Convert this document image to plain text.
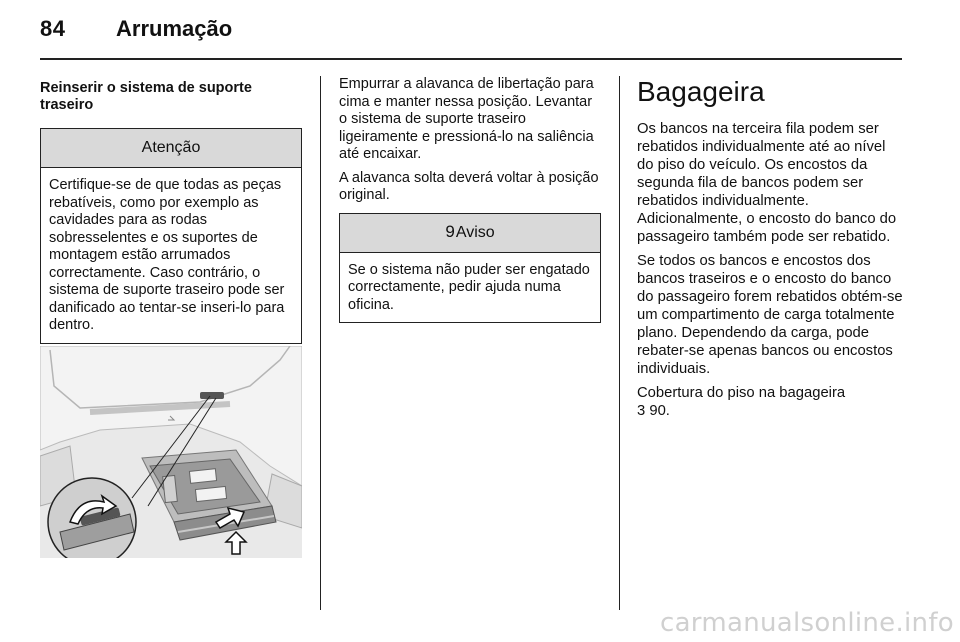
84 Arrumação
Reinserir o sistema de suporte traseiro
Atenção
Certifique-se de que todas as peças rebatíveis, como por exemplo as cavidades para as rodas sobresselentes e os suportes de montagem estão arrumados correctamente. Caso contrário, o sistema de suporte traseiro pode ser danificado ao tentar-se inseri-lo para dentro.

Empurrar a alavanca de libertação para cima e manter nessa posição. Levantar o sistema de suporte traseiro ligeiramente e pressioná-lo na saliência até encaixar.

A alavanca solta deverá voltar à posição original.

9 Aviso
Se o sistema não puder ser engatado correctamente, pedir ajuda numa oficina.
Bagageira

Os bancos na terceira fila podem ser rebatidos individualmente até ao nível do piso do veículo. Os encostos da segunda fila de bancos podem ser rebatidos individualmente. Adicionalmente, o encosto do banco do passageiro também pode ser rebatido.

Se todos os bancos e encostos dos bancos traseiros e o encosto do banco do passageiro forem rebatidos obtém-se um compartimento de carga totalmente plano. Dependendo da carga, pode rebater-se apenas bancos ou encostos individuais.

Cobertura do piso na bagageira
3 90.

carmanualsonline.info
